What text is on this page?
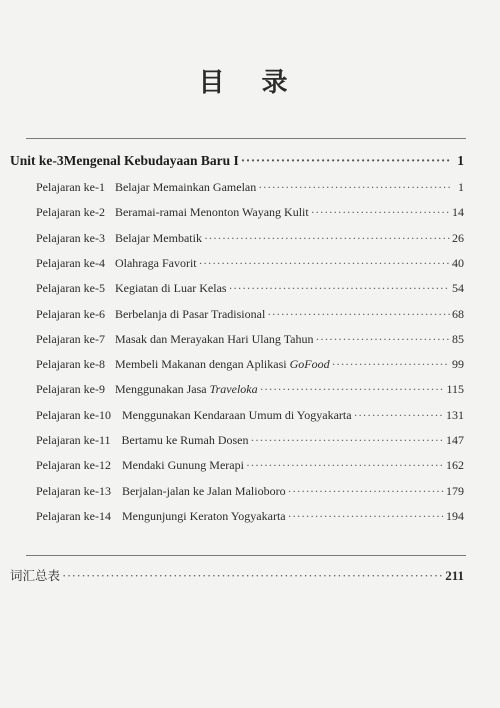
目 录
Unit ke-3 Mengenal Kebudayaan Baru I ·····	1
Pelajaran ke-1 Belajar Memainkan Gamelan ·····	1
Pelajaran ke-2 Beramai-ramai Menonton Wayang Kulit ·····	14
Pelajaran ke-3 Belajar Membatik ·····	26
Pelajaran ke-4 Olahraga Favorit ·····	40
Pelajaran ke-5 Kegiatan di Luar Kelas ·····	54
Pelajaran ke-6 Berbelanja di Pasar Tradisional ·····	68
Pelajaran ke-7 Masak dan Merayakan Hari Ulang Tahun ·····	85
Pelajaran ke-8 Membeli Makanan dengan Aplikasi GoFood ·····	99
Pelajaran ke-9 Menggunakan Jasa Traveloka ·····	115
Pelajaran ke-10 Menggunakan Kendaraan Umum di Yogyakarta ·····	131
Pelajaran ke-11 Bertamu ke Rumah Dosen ·····	147
Pelajaran ke-12 Mendaki Gunung Merapi ·····	162
Pelajaran ke-13 Berjalan-jalan ke Jalan Malioboro ·····	179
Pelajaran ke-14 Mengunjungi Keraton Yogyakarta ·····	194
词汇总表 ·····	211
